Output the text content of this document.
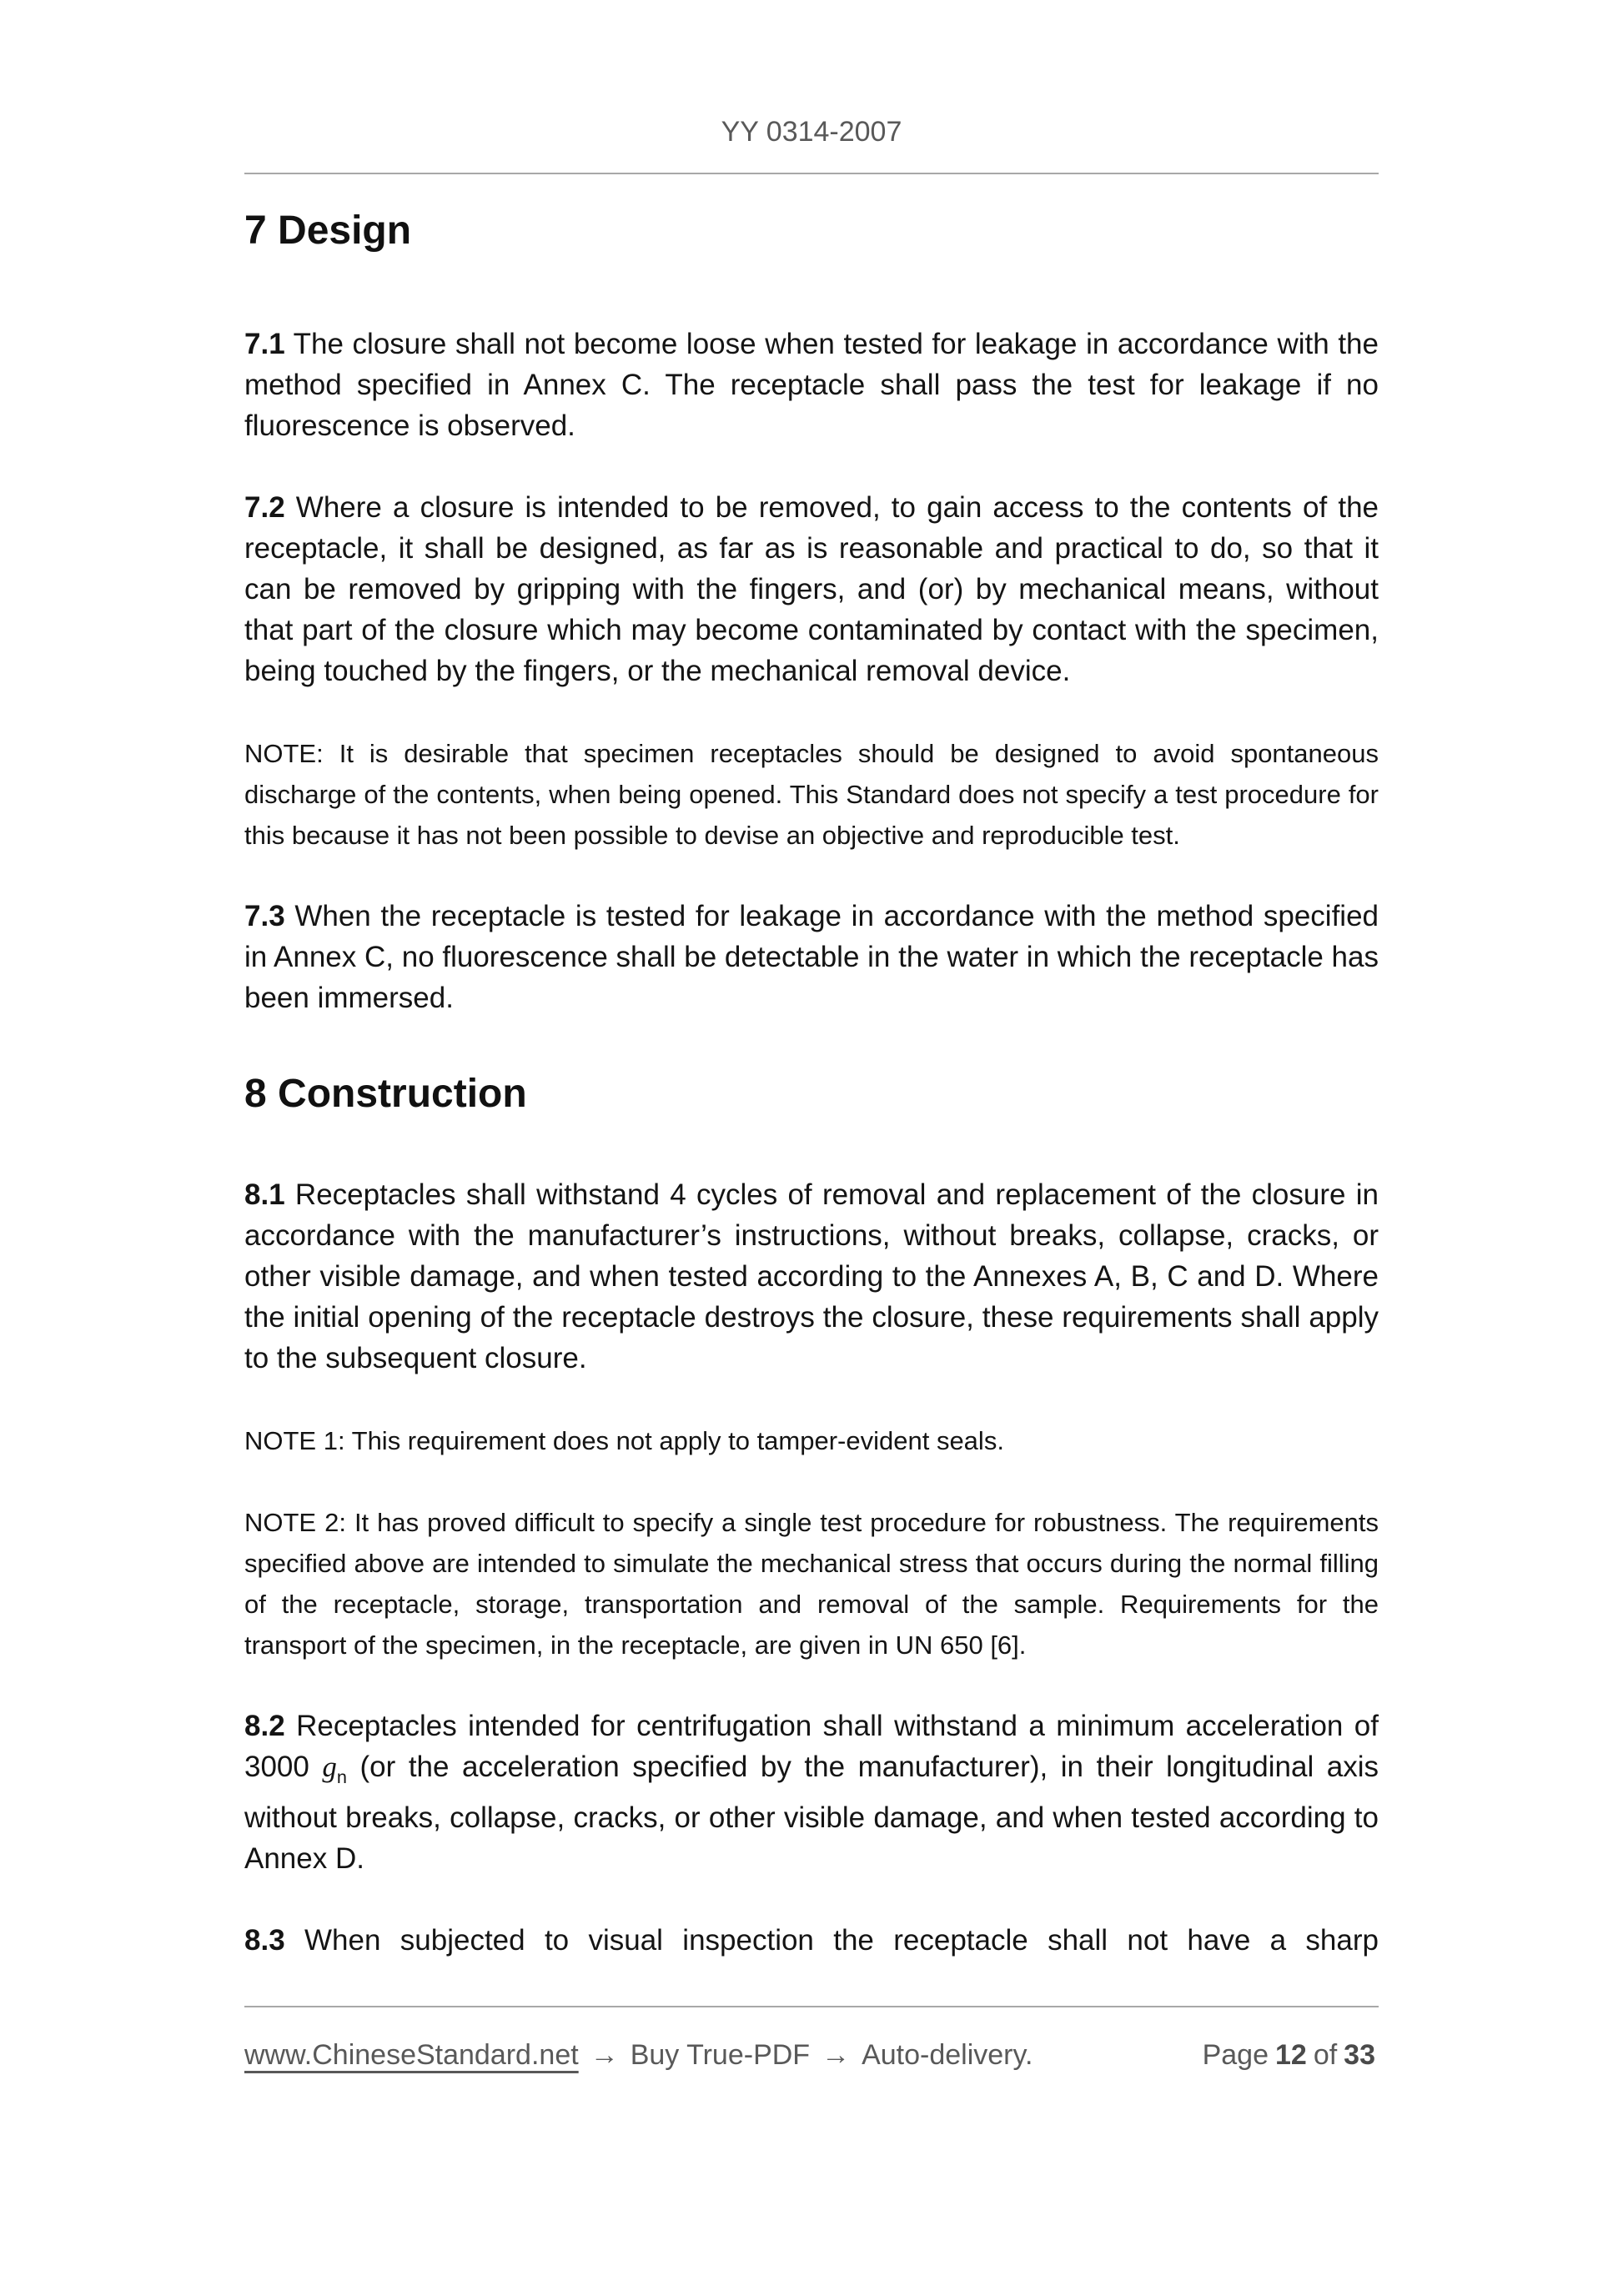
YY 0314-2007
7 Design

7.1 The closure shall not become loose when tested for leakage in accordance with the method specified in Annex C. The receptacle shall pass the test for leakage if no fluorescence is observed.

7.2 Where a closure is intended to be removed, to gain access to the contents of the receptacle, it shall be designed, as far as is reasonable and practical to do, so that it can be removed by gripping with the fingers, and (or) by mechanical means, without that part of the closure which may become contaminated by contact with the specimen, being touched by the fingers, or the mechanical removal device.

NOTE: It is desirable that specimen receptacles should be designed to avoid spontaneous discharge of the contents, when being opened. This Standard does not specify a test procedure for this because it has not been possible to devise an objective and reproducible test.

7.3 When the receptacle is tested for leakage in accordance with the method specified in Annex C, no fluorescence shall be detectable in the water in which the receptacle has been immersed.

8 Construction

8.1 Receptacles shall withstand 4 cycles of removal and replacement of the closure in accordance with the manufacturer’s instructions, without breaks, collapse, cracks, or other visible damage, and when tested according to the Annexes A, B, C and D. Where the initial opening of the receptacle destroys the closure, these requirements shall apply to the subsequent closure.

NOTE 1: This requirement does not apply to tamper-evident seals.

NOTE 2: It has proved difficult to specify a single test procedure for robustness. The requirements specified above are intended to simulate the mechanical stress that occurs during the normal filling of the receptacle, storage, transportation and removal of the sample. Requirements for the transport of the specimen, in the receptacle, are given in UN 650 [6].

8.2 Receptacles intended for centrifugation shall withstand a minimum acceleration of 3000 $g_n$ (or the acceleration specified by the manufacturer), in their longitudinal axis without breaks, collapse, cracks, or other visible damage, and when tested according to Annex D.

8.3 When subjected to visual inspection the receptacle shall not have a sharp

www.ChineseStandard.net → Buy True-PDF → Auto-delivery.	Page 12 of 33
